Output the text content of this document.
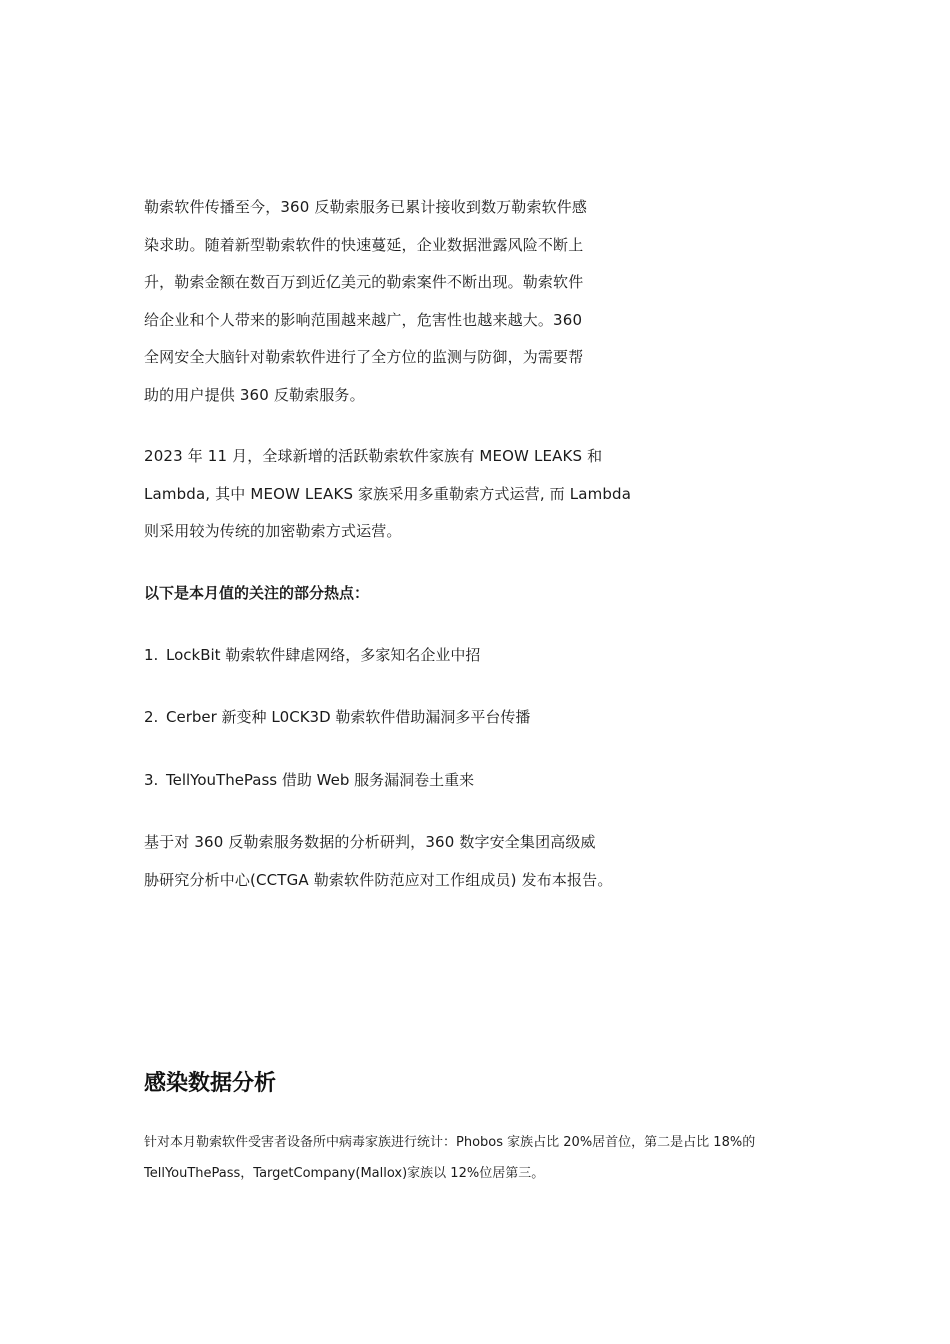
勒索软件传播至今，360 反勒索服务已累计接收到数万勒索软件感
染求助。随着新型勒索软件的快速蔓延，企业数据泄露风险不断上
升，勒索金额在数百万到近亿美元的勒索案件不断出现。勒索软件
给企业和个人带来的影响范围越来越广，危害性也越来越大。360
全网安全大脑针对勒索软件进行了全方位的监测与防御，为需要帮
助的用户提供 360 反勒索服务。
2023 年 11 月，全球新增的活跃勒索软件家族有 MEOW LEAKS 和
Lambda, 其中 MEOW LEAKS 家族采用多重勒索方式运营, 而 Lambda
则采用较为传统的加密勒索方式运营。
以下是本月值的关注的部分热点：
1. LockBit 勒索软件肆虐网络，多家知名企业中招
2. Cerber 新变种 L0CK3D 勒索软件借助漏洞多平台传播
3. TellYouThePass 借助 Web 服务漏洞卷土重来
基于对 360 反勒索服务数据的分析研判，360 数字安全集团高级威
胁研究分析中心(CCTGA 勒索软件防范应对工作组成员) 发布本报告。
感染数据分析
针对本月勒索软件受害者设备所中病毒家族进行统计：Phobos 家族占比 20%居首位，第二是占比 18%的
TellYouThePass，TargetCompany(Mallox)家族以 12%位居第三。
